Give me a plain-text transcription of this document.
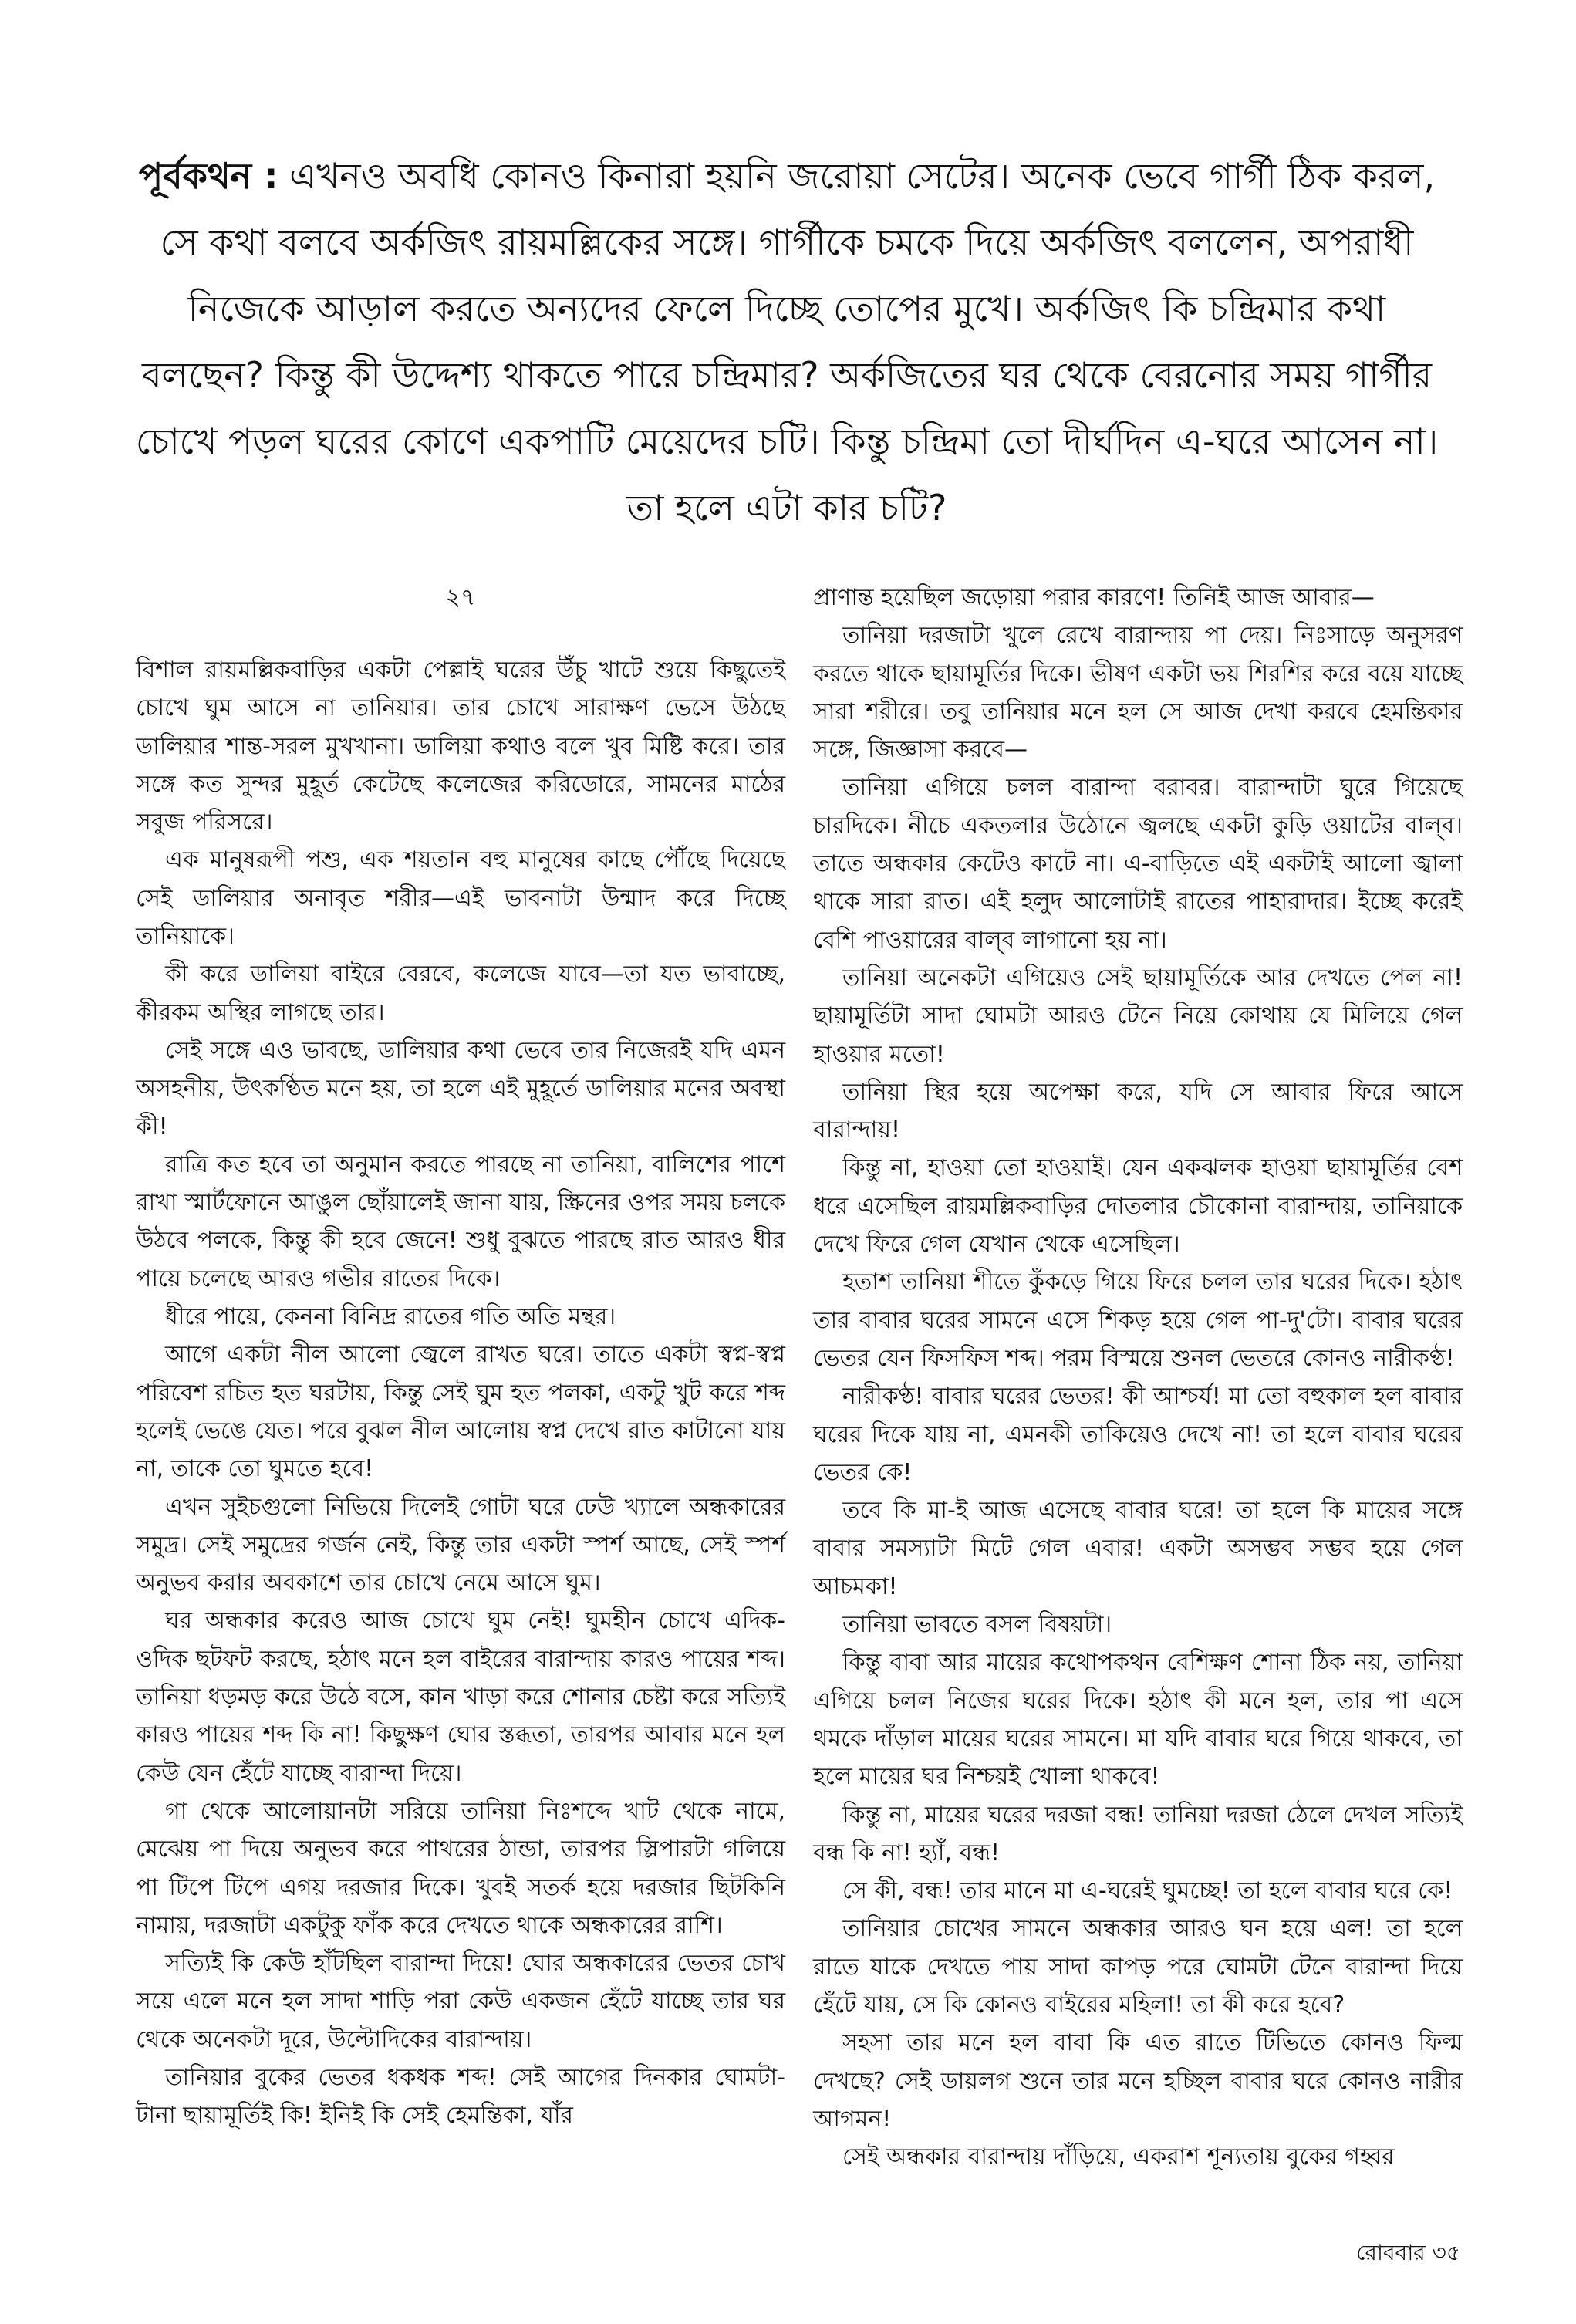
পূর্বকথন : এখনও অবধি কোনও কিনারা হয়নি জরোয়া সেটের। অনেক ভেবে গার্গী ঠিক করল, সে কথা বলবে অর্কজিৎ রায়মল্লিকের সঙ্গে। গার্গীকে চমকে দিয়ে অর্কজিৎ বললেন, অপরাধী নিজেকে আড়াল করতে অন্যদের ফেলে দিচ্ছে তোপের মুখে। অর্কজিৎ কি চন্দ্রিমার কথা বলছেন? কিন্তু কী উদ্দেশ্য থাকতে পারে চন্দ্রিমার? অর্কজিতের ঘর থেকে বেরনোর সময় গার্গীর চোখে পড়ল ঘরের কোণে একপাটি মেয়েদের চটি। কিন্তু চন্দ্রিমা তো দীর্ঘদিন এ-ঘরে আসেন না। তা হলে এটা কার চটি?
২৭

বিশাল রায়মল্লিকবাড়ির একটা পেল্লাই ঘরের উঁচু খাটে শুয়ে কিছুতেই চোখে ঘুম আসে না তানিয়ার। তার চোখে সারাক্ষণ ভেসে উঠছে ডালিয়ার শান্ত-সরল মুখখানা। ডালিয়া কথাও বলে খুব মিষ্টি করে। তার সঙ্গে কত সুন্দর মুহূর্ত কেটেছে কলেজের করিডোরে, সামনের মাঠের সবুজ পরিসরে।

এক মানুষরূপী পশু, এক শয়তান বহু মানুষের কাছে পৌঁছে দিয়েছে সেই ডালিয়ার অনাবৃত শরীর—এই ভাবনাটা উন্মাদ করে দিচ্ছে তানিয়াকে।

কী করে ডালিয়া বাইরে বেরবে, কলেজে যাবে—তা যত ভাবাচ্ছে, কীরকম অস্থির লাগছে তার।

সেই সঙ্গে এও ভাবছে, ডালিয়ার কথা ভেবে তার নিজেরই যদি এমন অসহনীয়, উৎকণ্ঠিত মনে হয়, তা হলে এই মুহূর্তে ডালিয়ার মনের অবস্থা কী!

রাত্রি কত হবে তা অনুমান করতে পারছে না তানিয়া, বালিশের পাশে রাখা স্মার্টফোনে আঙুল ছোঁয়ালেই জানা যায়, স্ক্রিনের ওপর সময় চলকে উঠবে পলকে, কিন্তু কী হবে জেনে! শুধু বুঝতে পারছে রাত আরও ধীর পায়ে চলেছে আরও গভীর রাতের দিকে।

ধীরে পায়ে, কেননা বিনিদ্র রাতের গতি অতি মন্থর।

আগে একটা নীল আলো জ্বেলে রাখত ঘরে। তাতে একটা স্বপ্ন-স্বপ্ন পরিবেশ রচিত হত ঘরটায়, কিন্তু সেই ঘুম হত পলকা, একটু খুট করে শব্দ হলেই ভেঙে যেত। পরে বুঝল নীল আলোয় স্বপ্ন দেখে রাত কাটানো যায় না, তাকে তো ঘুমতে হবে!

এখন সুইচগুলো নিভিয়ে দিলেই গোটা ঘরে ঢেউ খ্যালে অন্ধকারের সমুদ্র। সেই সমুদ্রের গর্জন নেই, কিন্তু তার একটা স্পর্শ আছে, সেই স্পর্শ অনুভব করার অবকাশে তার চোখে নেমে আসে ঘুম।

ঘর অন্ধকার করেও আজ চোখে ঘুম নেই! ঘুমহীন চোখে এদিক-ওদিক ছটফট করছে, হঠাৎ মনে হল বাইরের বারান্দায় কারও পায়ের শব্দ। তানিয়া ধড়মড় করে উঠে বসে, কান খাড়া করে শোনার চেষ্টা করে সত্যিই কারও পায়ের শব্দ কি না! কিছুক্ষণ ঘোর স্তব্ধতা, তারপর আবার মনে হল কেউ যেন হেঁটে যাচ্ছে বারান্দা দিয়ে।

গা থেকে আলোয়ানটা সরিয়ে তানিয়া নিঃশব্দে খাট থেকে নামে, মেঝেয় পা দিয়ে অনুভব করে পাথরের ঠান্ডা, তারপর স্লিপারটা গলিয়ে পা টিপে টিপে এগয় দরজার দিকে। খুবই সতর্ক হয়ে দরজার ছিটকিনি নামায়, দরজাটা একটুকু ফাঁক করে দেখতে থাকে অন্ধকারের রাশি।

সত্যিই কি কেউ হাঁটছিল বারান্দা দিয়ে! ঘোর অন্ধকারের ভেতর চোখ সয়ে এলে মনে হল সাদা শাড়ি পরা কেউ একজন হেঁটে যাচ্ছে তার ঘর থেকে অনেকটা দূরে, উল্টোদিকের বারান্দায়।

তানিয়ার বুকের ভেতর ধকধক শব্দ! সেই আগের দিনকার ঘোমটা-টানা ছায়ামূর্তিই কি! ইনিই কি সেই হেমন্তিকা, যাঁর

প্রাণান্ত হয়েছিল জড়োয়া পরার কারণে! তিনিই আজ আবার—

তানিয়া দরজাটা খুলে রেখে বারান্দায় পা দেয়। নিঃসাড়ে অনুসরণ করতে থাকে ছায়ামূর্তির দিকে। ভীষণ একটা ভয় শিরশির করে বয়ে যাচ্ছে সারা শরীরে। তবু তানিয়ার মনে হল সে আজ দেখা করবে হেমন্তিকার সঙ্গে, জিজ্ঞাসা করবে—

তানিয়া এগিয়ে চলল বারান্দা বরাবর। বারান্দাটা ঘুরে গিয়েছে চারদিকে। নীচে একতলার উঠোনে জ্বলছে একটা কুড়ি ওয়াটের বাল্‌ব। তাতে অন্ধকার কেটেও কাটে না। এ-বাড়িতে এই একটাই আলো জ্বালা থাকে সারা রাত। এই হলুদ আলোটাই রাতের পাহারাদার। ইচ্ছে করেই বেশি পাওয়ারের বাল্‌ব লাগানো হয় না।

তানিয়া অনেকটা এগিয়েও সেই ছায়ামূর্তিকে আর দেখতে পেল না! ছায়ামূর্তিটা সাদা ঘোমটা আরও টেনে নিয়ে কোথায় যে মিলিয়ে গেল হাওয়ার মতো!

তানিয়া স্থির হয়ে অপেক্ষা করে, যদি সে আবার ফিরে আসে বারান্দায়!

কিন্তু না, হাওয়া তো হাওয়াই। যেন একঝলক হাওয়া ছায়ামূর্তির বেশ ধরে এসেছিল রায়মল্লিকবাড়ির দোতলার চৌকোনা বারান্দায়, তানিয়াকে দেখে ফিরে গেল যেখান থেকে এসেছিল।

হতাশ তানিয়া শীতে কুঁকড়ে গিয়ে ফিরে চলল তার ঘরের দিকে। হঠাৎ তার বাবার ঘরের সামনে এসে শিকড় হয়ে গেল পা-দু'টো। বাবার ঘরের ভেতর যেন ফিসফিস শব্দ। পরম বিস্ময়ে শুনল ভেতরে কোনও নারীকণ্ঠ!

নারীকণ্ঠ! বাবার ঘরের ভেতর! কী আশ্চর্য! মা তো বহুকাল হল বাবার ঘরের দিকে যায় না, এমনকী তাকিয়েও দেখে না! তা হলে বাবার ঘরের ভেতর কে!

তবে কি মা-ই আজ এসেছে বাবার ঘরে! তা হলে কি মায়ের সঙ্গে বাবার সমস্যাটা মিটে গেল এবার! একটা অসম্ভব সম্ভব হয়ে গেল আচমকা!

তানিয়া ভাবতে বসল বিষয়টা।

কিন্তু বাবা আর মায়ের কথোপকথন বেশিক্ষণ শোনা ঠিক নয়, তানিয়া এগিয়ে চলল নিজের ঘরের দিকে। হঠাৎ কী মনে হল, তার পা এসে থমকে দাঁড়াল মায়ের ঘরের সামনে। মা যদি বাবার ঘরে গিয়ে থাকবে, তা হলে মায়ের ঘর নিশ্চয়ই খোলা থাকবে!

কিন্তু না, মায়ের ঘরের দরজা বন্ধ! তানিয়া দরজা ঠেলে দেখল সত্যিই বন্ধ কি না! হ্যাঁ, বন্ধ!

সে কী, বন্ধ! তার মানে মা এ-ঘরেই ঘুমচ্ছে! তা হলে বাবার ঘরে কে!

তানিয়ার চোখের সামনে অন্ধকার আরও ঘন হয়ে এল! তা হলে রাতে যাকে দেখতে পায় সাদা কাপড় পরে ঘোমটা টেনে বারান্দা দিয়ে হেঁটে যায়, সে কি কোনও বাইরের মহিলা! তা কী করে হবে?

সহসা তার মনে হল বাবা কি এত রাতে টিভিতে কোনও ফিল্ম দেখছে? সেই ডায়লগ শুনে তার মনে হচ্ছিল বাবার ঘরে কোনও নারীর আগমন!

সেই অন্ধকার বারান্দায় দাঁড়িয়ে, একরাশ শূন্যতায় বুকের গহ্বর

রোববার ৩৫
